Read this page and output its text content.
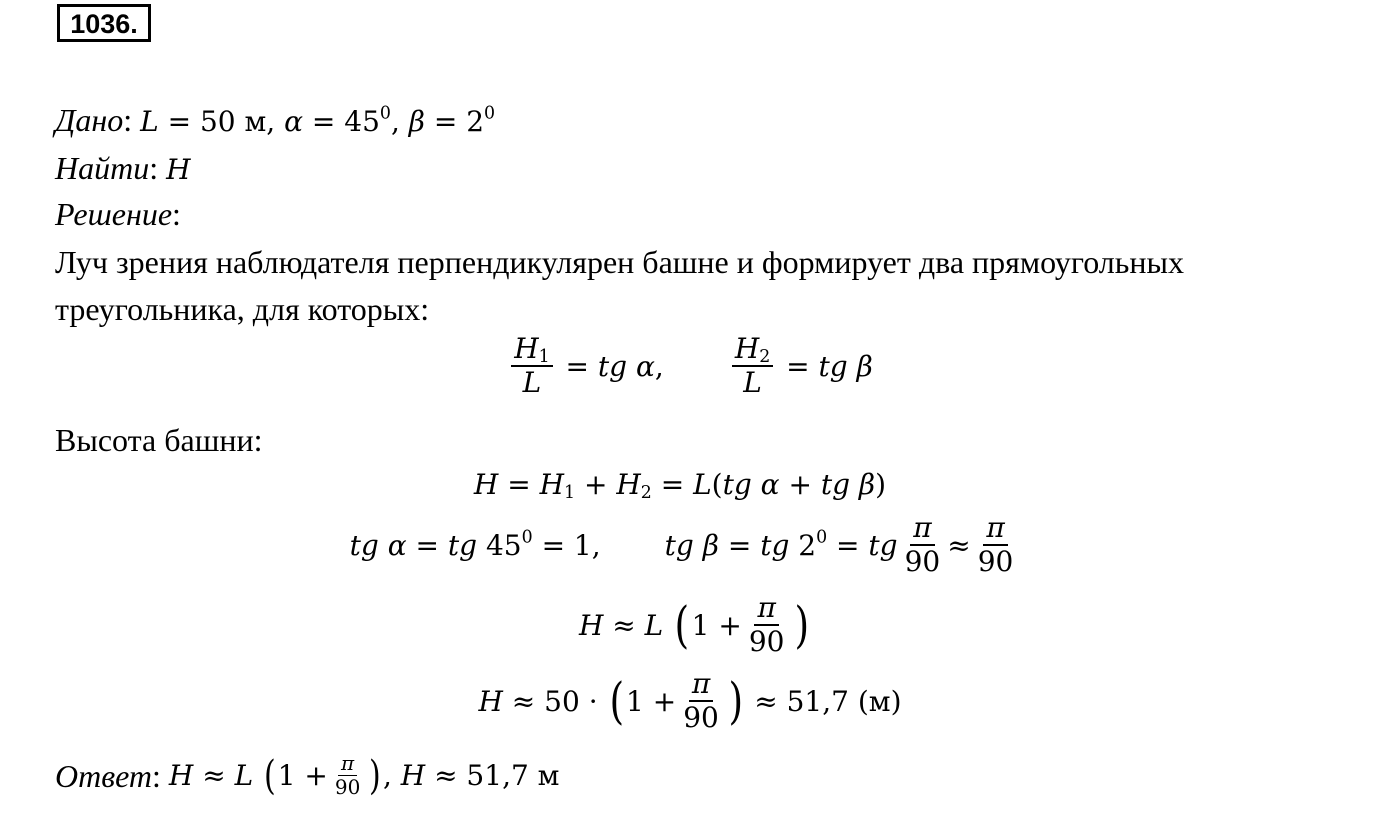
1036.
Дано: L = 50 м, $\alpha = 45^0$, $\beta = 2^0$
Найти: H
Решение:
Луч зрения наблюдателя перпендикулярен башне и формирует два прямоугольных
треугольника, для которых:
$\frac{H_1}{L}$ = tg α, $\frac{H_2}{L}$ = tg β
Высота башни:
$H = H_1 + H_2 = L(tg$ α + tg β)
tg α = tg $45^0 = 1$, tg β = tg $2^0$ = tg $\frac{\pi}{90} \approx \frac{\pi}{90}$
H ≈ L ( $1 + \frac{\pi}{90}$ )
H ≈ 50 · ( $1 + \frac{\pi}{90}$ ) ≈ 51,7 (м)
Ответ : H ≈ L ( $1 + \frac{\pi}{90}$ ) , H ≈ 51,7 м
